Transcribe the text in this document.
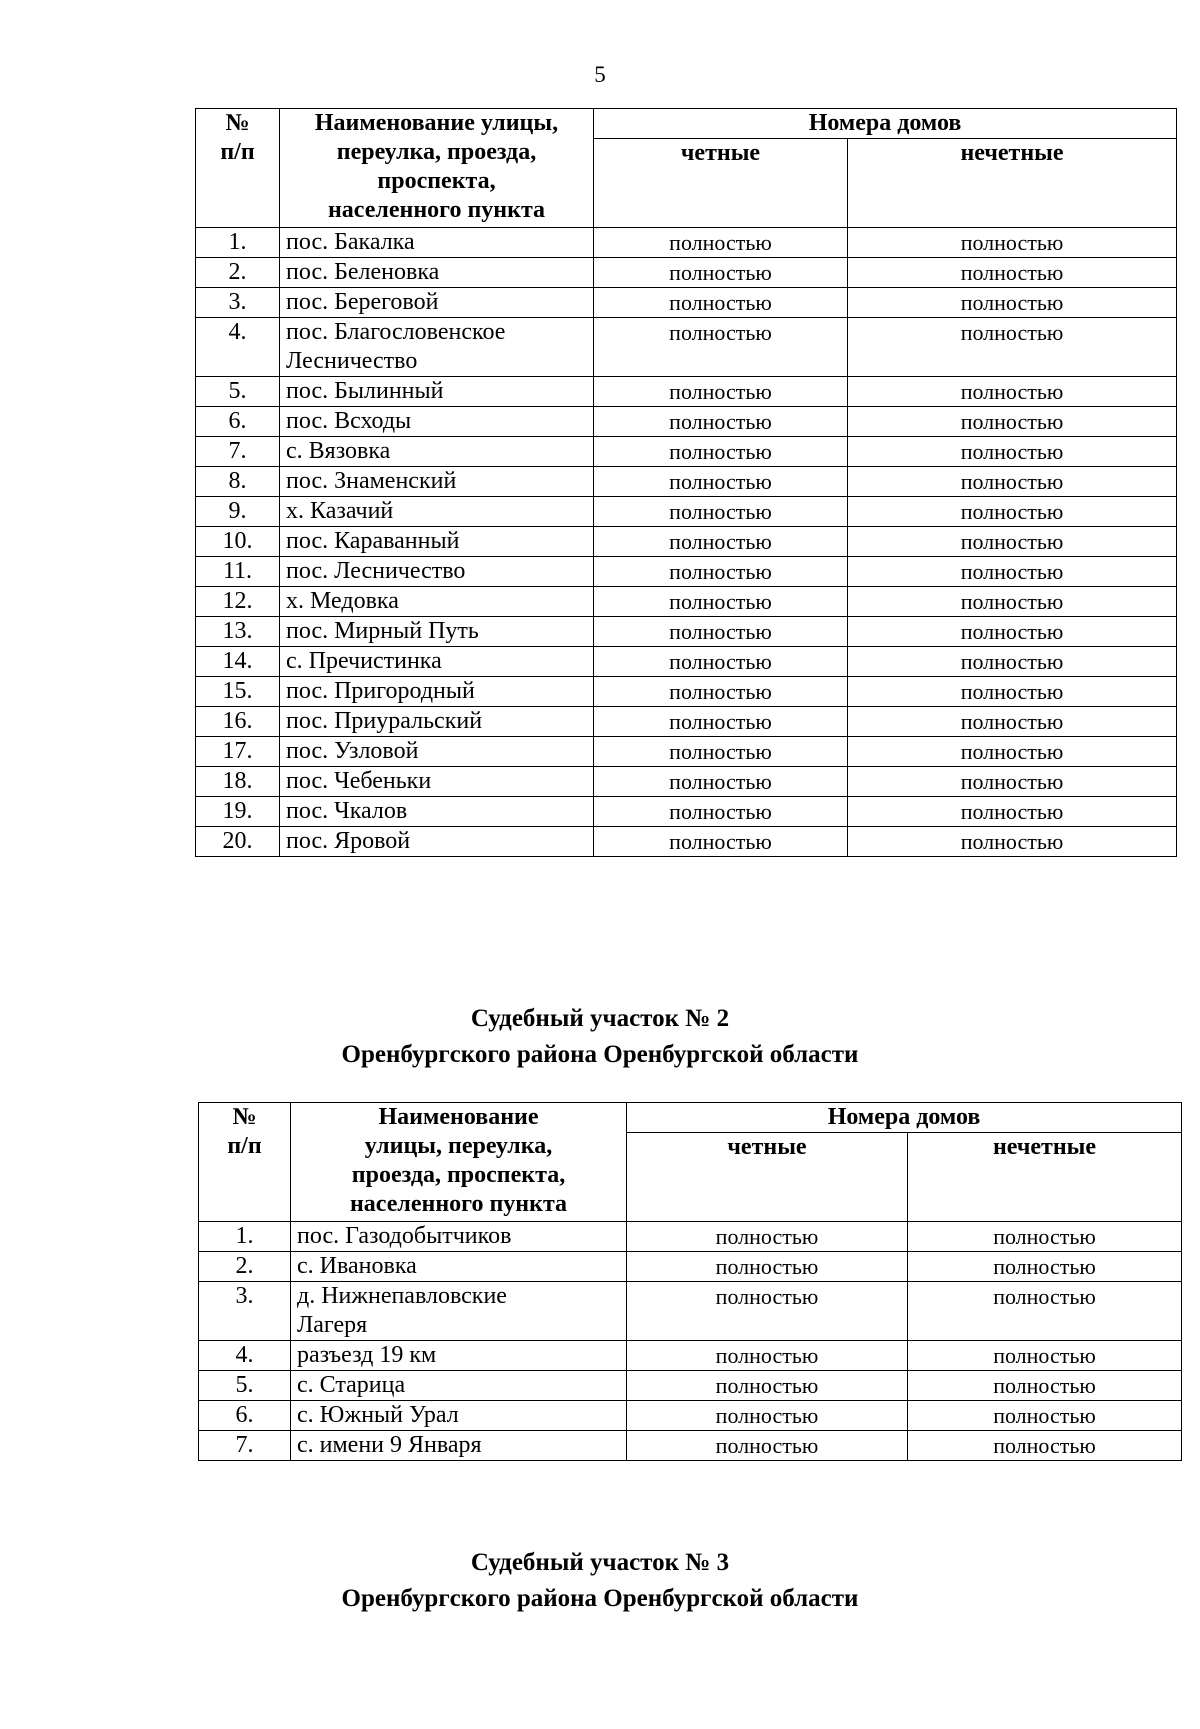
5
№
п/п	Наименование улицы,
переулка, проезда,
проспекта,
населенного пункта	Номера домов	
		четные	нечетные
1.	пос. Бакалка	полностью	полностью
2.	пос. Беленовка	полностью	полностью
3.	пос. Береговой	полностью	полностью
4.	пос. Благословенское
Лесничество	полностью	полностью
5.	пос. Былинный	полностью	полностью
6.	пос. Всходы	полностью	полностью
7.	с. Вязовка	полностью	полностью
8.	пос. Знаменский	полностью	полностью
9.	х. Казачий	полностью	полностью
10.	пос. Караванный	полностью	полностью
11.	пос. Лесничество	полностью	полностью
12.	х. Медовка	полностью	полностью
13.	пос. Мирный Путь	полностью	полностью
14.	с. Пречистинка	полностью	полностью
15.	пос. Пригородный	полностью	полностью
16.	пос. Приуральский	полностью	полностью
17.	пос. Узловой	полностью	полностью
18.	пос. Чебеньки	полностью	полностью
19.	пос. Чкалов	полностью	полностью
20.	пос. Яровой	полностью	полностью
Судебный участок № 2
Оренбургского района Оренбургской области
№
п/п	Наименование
улицы, переулка,
проезда, проспекта,
населенного пункта	Номера домов	
		четные	нечетные
1.	пос. Газодобытчиков	полностью	полностью
2.	с. Ивановка	полностью	полностью
3.	д. Нижнепавловские
Лагеря	полностью	полностью
4.	разъезд 19 км	полностью	полностью
5.	с. Старица	полностью	полностью
6.	с. Южный Урал	полностью	полностью
7.	с. имени 9 Января	полностью	полностью
Судебный участок № 3
Оренбургского района Оренбургской области
